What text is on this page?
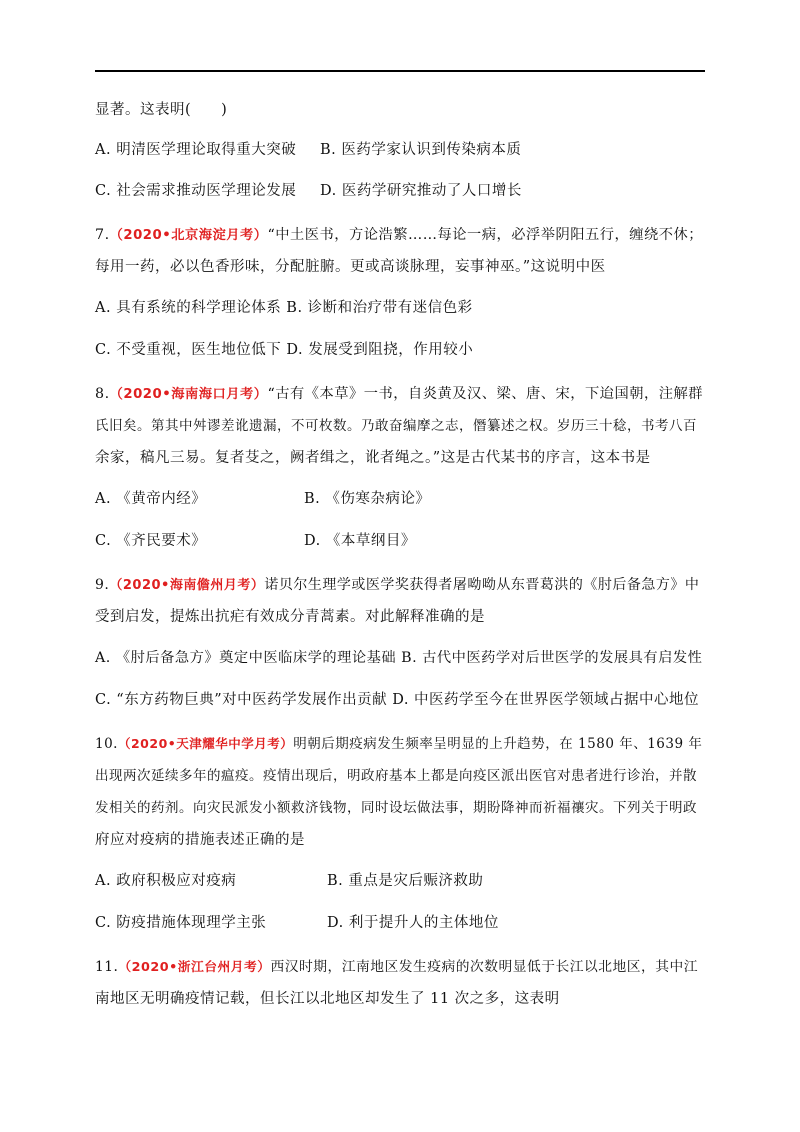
显著。这表明(　　)
A. 明清医学理论取得重大突破 B. 医药学家认识到传染病本质
C. 社会需求推动医学理论发展 D. 医药学研究推动了人口增长
7.（2020•北京海淀月考）“中土医书，方论浩繁……每论一病，必浮举阴阳五行，缠绕不休；
每用一药，必以色香形味，分配脏腑。更或高谈脉理，妄事神巫。”这说明中医
A. 具有系统的科学理论体系 B. 诊断和治疗带有迷信色彩
C. 不受重视，医生地位低下 D. 发展受到阻挠，作用较小
8.（2020•海南海口月考）“古有《本草》一书，自炎黄及汉、梁、唐、宋，下迨国朝，注解群
氏旧矣。第其中舛谬差讹遗漏，不可枚数。乃敢奋编摩之志，僭纂述之权。岁历三十稔，书考八百
余家，稿凡三易。复者芟之，阙者缉之，讹者绳之。”这是古代某书的序言，这本书是
A. 《黄帝内经》	B. 《伤寒杂病论》
C. 《齐民要术》	D. 《本草纲目》
9.（2020•海南儋州月考）诺贝尔生理学或医学奖获得者屠呦呦从东晋葛洪的《肘后备急方》中
受到启发，提炼出抗疟有效成分青蒿素。对此解释准确的是
A. 《肘后备急方》奠定中医临床学的理论基础 B. 古代中医药学对后世医学的发展具有启发性
C. “东方药物巨典”对中医药学发展作出贡献 D. 中医药学至今在世界医学领域占据中心地位
10.（2020•天津耀华中学月考）明朝后期疫病发生频率呈明显的上升趋势，在 1580 年、1639 年
出现两次延续多年的瘟疫。疫情出现后，明政府基本上都是向疫区派出医官对患者进行诊治，并散
发相关的药剂。向灾民派发小额救济钱物，同时设坛做法事，期盼降神而祈福禳灾。下列关于明政
府应对疫病的措施表述正确的是
A. 政府积极应对疫病	B. 重点是灾后赈济救助
C. 防疫措施体现理学主张	D. 利于提升人的主体地位
11.（2020•浙江台州月考）西汉时期，江南地区发生疫病的次数明显低于长江以北地区，其中江
南地区无明确疫情记载，但长江以北地区却发生了 11 次之多，这表明
